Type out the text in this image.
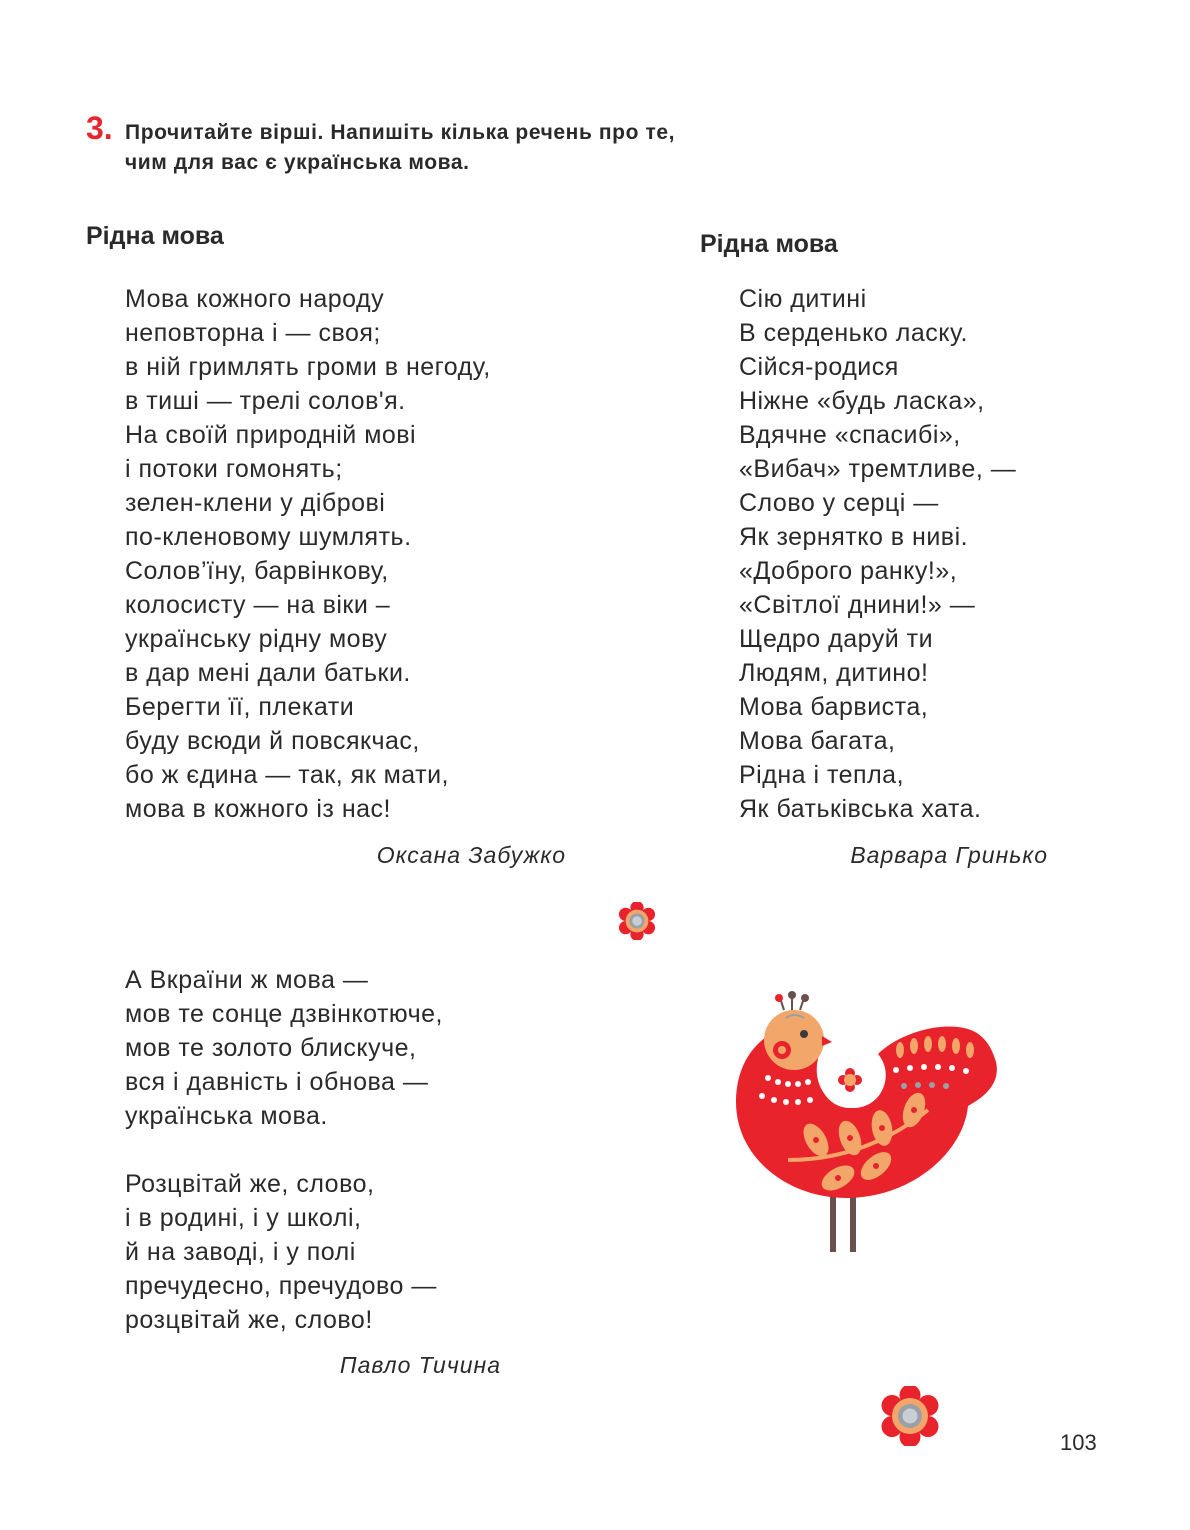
3. Прочитайте вірші. Напишіть кілька речень про те,
чим для вас є українська мова.
Рідна мова
Мова кожного народу
неповторна і — своя;
в ній гримлять громи в негоду,
в тиші — трелі солов'я.
На своїй природній мові
і потоки гомонять;
зелен-клени у діброві
по-кленовому шумлять.
Солов’їну, барвінкову,
колосисту — на віки –
українську рідну мову
в дар мені дали батьки.
Берегти її, плекати
буду всюди й повсякчас,
бо ж єдина — так, як мати,
мова в кожного із нас!
Оксана Забужко
Рідна мова
Сію дитині
В серденько ласку.
Сійся-родися
Ніжне «будь ласка»,
Вдячне «спасибі»,
«Вибач» тремтливе, —
Слово у серці —
Як зернятко в ниві.
«Доброго ранку!»,
«Світлої днини!» —
Щедро даруй ти
Людям, дитино!
Мова барвиста,
Мова багата,
Рідна і тепла,
Як батьківська хата.
Варвара Гринько
А Вкраїни ж мова —
мов те сонце дзвінкотюче,
мов те золото блискуче,
вся і давність і обнова —
українська мова.
Розцвітай же, слово,
і в родині, і у школі,
й на заводі, і у полі
пречудесно, пречудово —
розцвітай же, слово!
Павло Тичина
103
